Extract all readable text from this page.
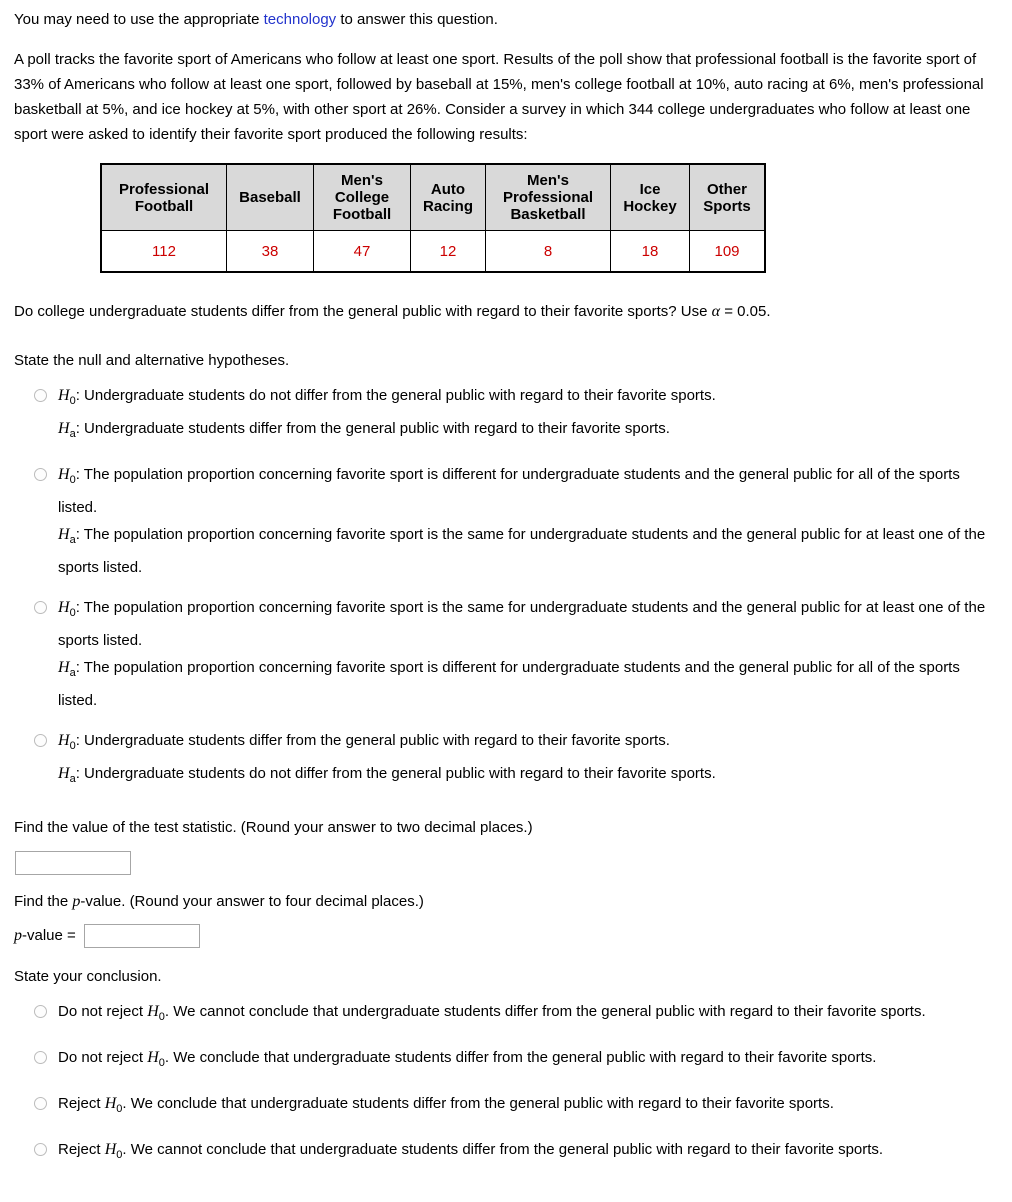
You may need to use the appropriate technology to answer this question.

A poll tracks the favorite sport of Americans who follow at least one sport. Results of the poll show that professional football is the favorite sport of 33% of Americans who follow at least one sport, followed by baseball at 15%, men's college football at 10%, auto racing at 6%, men's professional basketball at 5%, and ice hockey at 5%, with other sport at 26%. Consider a survey in which 344 college undergraduates who follow at least one sport were asked to identify their favorite sport produced the following results:

Professional Football	Baseball	Men's College Football	Auto Racing	Men's Professional Basketball	Ice Hockey	Other Sports
112	38	47	12	8	18	109

Do college undergraduate students differ from the general public with regard to their favorite sports? Use α = 0.05.

State the null and alternative hypotheses.

$H_0$: Undergraduate students do not differ from the general public with regard to their favorite sports.
$H_a$: Undergraduate students differ from the general public with regard to their favorite sports.
$H_0$: The population proportion concerning favorite sport is different for undergraduate students and the general public for all of the sports listed.
$H_a$: The population proportion concerning favorite sport is the same for undergraduate students and the general public for at least one of the sports listed.
$H_0$: The population proportion concerning favorite sport is the same for undergraduate students and the general public for at least one of the sports listed.
$H_a$: The population proportion concerning favorite sport is different for undergraduate students and the general public for all of the sports listed.
$H_0$: Undergraduate students differ from the general public with regard to their favorite sports.
$H_a$: Undergraduate students do not differ from the general public with regard to their favorite sports.

Find the value of the test statistic. (Round your answer to two decimal places.)

Find the p-value. (Round your answer to four decimal places.)

p-value =

State your conclusion.

Do not reject $H_0$. We cannot conclude that undergraduate students differ from the general public with regard to their favorite sports.
Do not reject $H_0$. We conclude that undergraduate students differ from the general public with regard to their favorite sports.
Reject $H_0$. We conclude that undergraduate students differ from the general public with regard to their favorite sports.
Reject $H_0$. We cannot conclude that undergraduate students differ from the general public with regard to their favorite sports.
